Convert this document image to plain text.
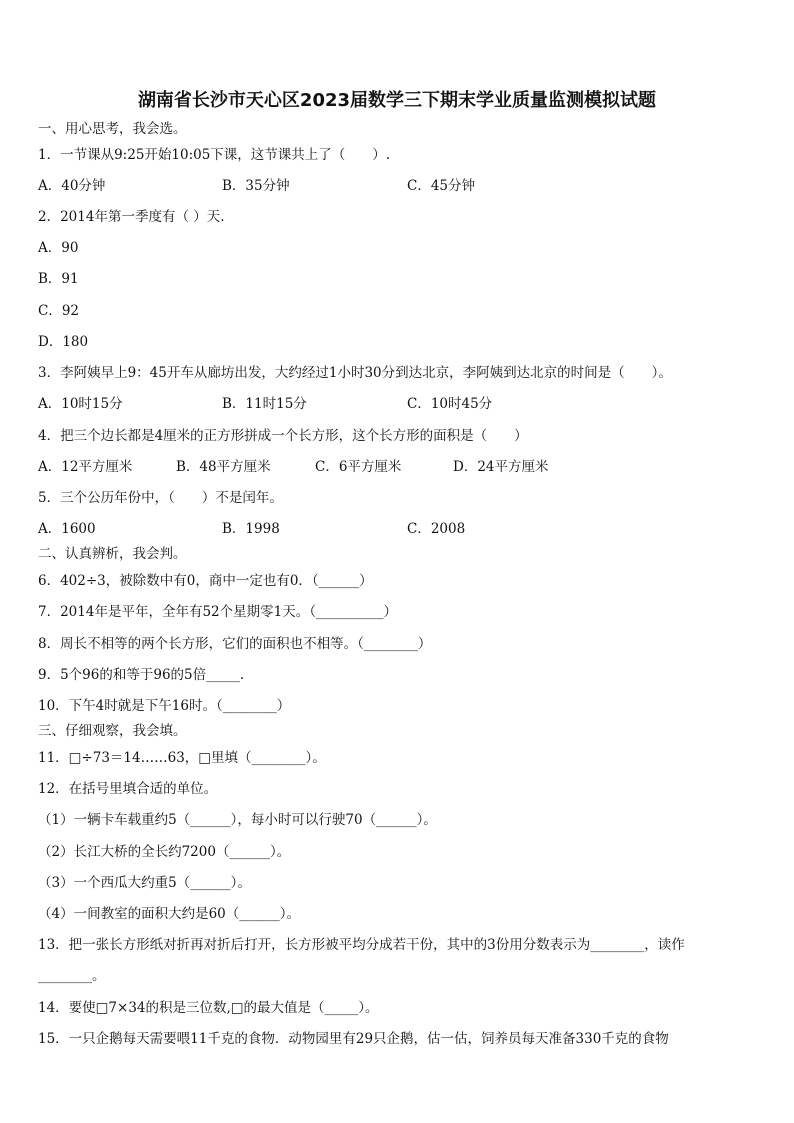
湖南省长沙市天心区2023届数学三下期末学业质量监测模拟试题
一、用心思考，我会选。
1．一节课从9:25开始10:05下课，这节课共上了（　　）.
A．40分钟	B．35分钟	C．45分钟
2．2014年第一季度有（ ）天.
A．90
B．91
C．92
D．180
3．李阿姨早上9：45开车从廊坊出发，大约经过1小时30分到达北京，李阿姨到达北京的时间是（　　）。
A．10时15分	B．11时15分	C．10时45分
4．把三个边长都是4厘米的正方形拼成一个长方形，这个长方形的面积是（　　）
A．12平方厘米	B．48平方厘米	C．6平方厘米	D．24平方厘米
5．三个公历年份中，（　　）不是闰年。
A．1600	B．1998	C．2008
二、认真辨析，我会判。
6．402÷3，被除数中有0，商中一定也有0．（______）
7．2014年是平年，全年有52个星期零1天。（__________）
8．周长不相等的两个长方形，它们的面积也不相等。（________）
9．5个96的和等于96的5倍_____.
10．下午4时就是下午16时。（________）
三、仔细观察，我会填。
11．□÷73＝14……63，□里填（________）。
12．在括号里填合适的单位。
（1）一辆卡车载重约5（______），每小时可以行驶70（______）。
（2）长江大桥的全长约7200（______）。
（3）一个西瓜大约重5（______）。
（4）一间教室的面积大约是60（______）。
13．把一张长方形纸对折再对折后打开，长方形被平均分成若干份，其中的3份用分数表示为________，读作
________。
14．要使□7×34的积是三位数,□的最大值是（_____）。
15．一只企鹅每天需要喂11千克的食物．动物园里有29只企鹅，估一估，饲养员每天准备330千克的食物
